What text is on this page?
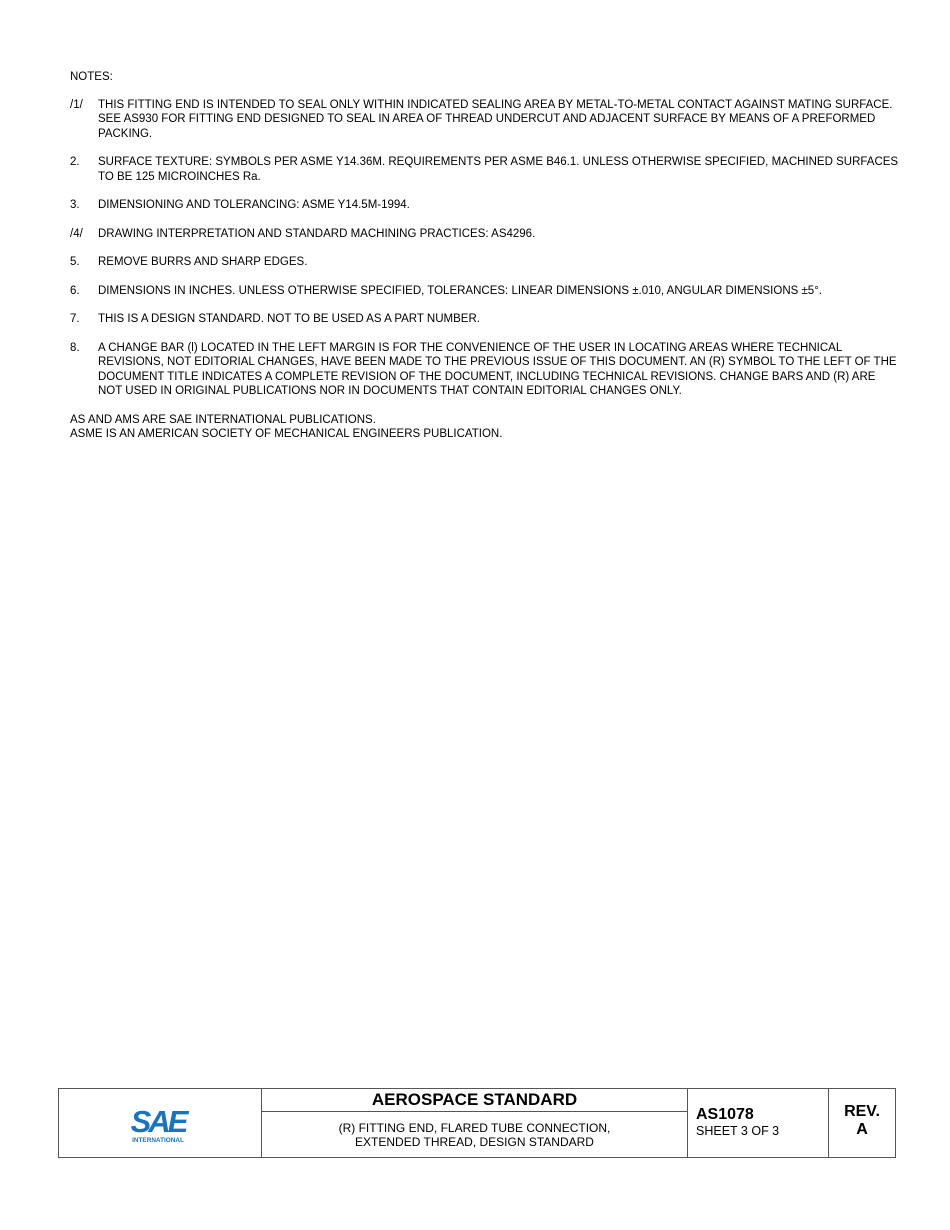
NOTES:
/1/	THIS FITTING END IS INTENDED TO SEAL ONLY WITHIN INDICATED SEALING AREA BY METAL-TO-METAL CONTACT AGAINST MATING SURFACE. SEE AS930 FOR FITTING END DESIGNED TO SEAL IN AREA OF THREAD UNDERCUT AND ADJACENT SURFACE BY MEANS OF A PREFORMED PACKING.
2.	SURFACE TEXTURE: SYMBOLS PER ASME Y14.36M. REQUIREMENTS PER ASME B46.1. UNLESS OTHERWISE SPECIFIED, MACHINED SURFACES TO BE 125 MICROINCHES Ra.
3.	DIMENSIONING AND TOLERANCING: ASME Y14.5M-1994.
/4/	DRAWING INTERPRETATION AND STANDARD MACHINING PRACTICES: AS4296.
5.	REMOVE BURRS AND SHARP EDGES.
6.	DIMENSIONS IN INCHES. UNLESS OTHERWISE SPECIFIED, TOLERANCES: LINEAR DIMENSIONS ±.010, ANGULAR DIMENSIONS ±5°.
7.	THIS IS A DESIGN STANDARD. NOT TO BE USED AS A PART NUMBER.
8.	A CHANGE BAR (l) LOCATED IN THE LEFT MARGIN IS FOR THE CONVENIENCE OF THE USER IN LOCATING AREAS WHERE TECHNICAL REVISIONS, NOT EDITORIAL CHANGES, HAVE BEEN MADE TO THE PREVIOUS ISSUE OF THIS DOCUMENT. AN (R) SYMBOL TO THE LEFT OF THE DOCUMENT TITLE INDICATES A COMPLETE REVISION OF THE DOCUMENT, INCLUDING TECHNICAL REVISIONS. CHANGE BARS AND (R) ARE NOT USED IN ORIGINAL PUBLICATIONS NOR IN DOCUMENTS THAT CONTAIN EDITORIAL CHANGES ONLY.
AS AND AMS ARE SAE INTERNATIONAL PUBLICATIONS.
ASME IS AN AMERICAN SOCIETY OF MECHANICAL ENGINEERS PUBLICATION.
SAE
INTERNATIONAL
AEROSPACE STANDARD
(R) FITTING END, FLARED TUBE CONNECTION,
EXTENDED THREAD, DESIGN STANDARD
AS1078
SHEET 3 OF 3
REV.
A
